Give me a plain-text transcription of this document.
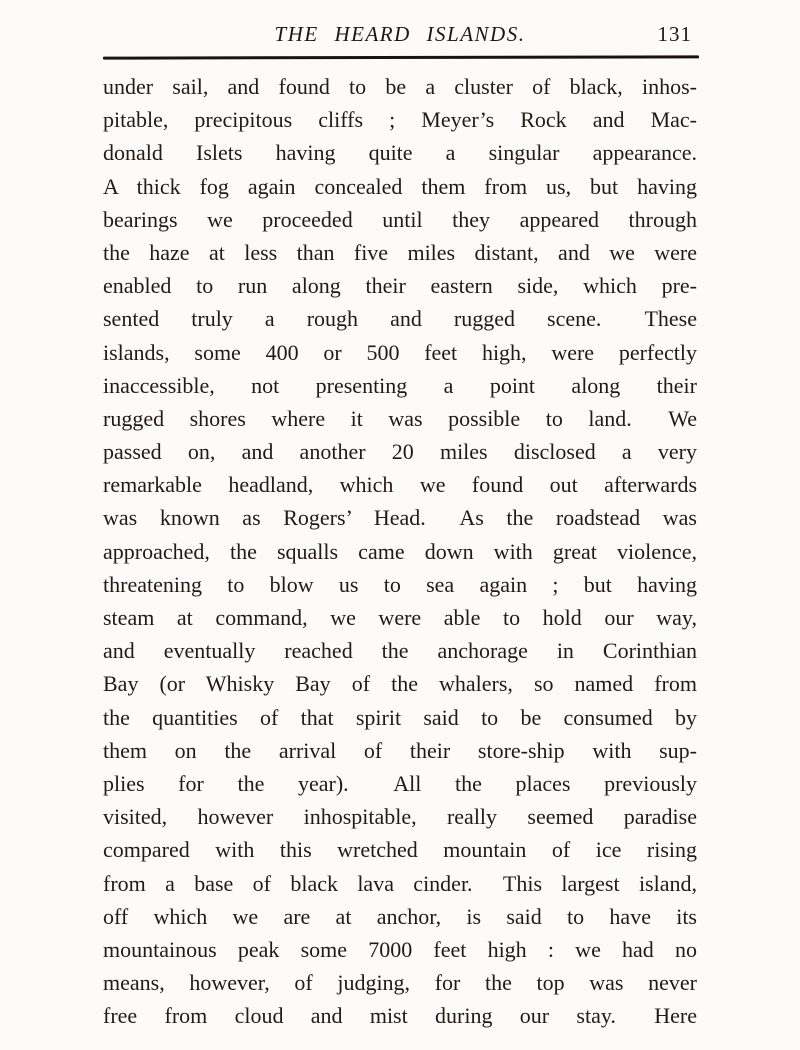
THE HEARD ISLANDS.	131
under sail, and found to be a cluster of black, inhos-
pitable, precipitous cliffs ; Meyer’s Rock and Mac-
donald Islets having quite a singular appearance.
A thick fog again concealed them from us, but having
bearings we proceeded until they appeared through
the haze at less than five miles distant, and we were
enabled to run along their eastern side, which pre-
sented truly a rough and rugged scene.  These
islands, some 400 or 500 feet high, were perfectly
inaccessible, not presenting a point along their
rugged shores where it was possible to land.  We
passed on, and another 20 miles disclosed a very
remarkable headland, which we found out afterwards
was known as Rogers’ Head.  As the roadstead was
approached, the squalls came down with great violence,
threatening to blow us to sea again ; but having
steam at command, we were able to hold our way,
and eventually reached the anchorage in Corinthian
Bay (or Whisky Bay of the whalers, so named from
the quantities of that spirit said to be consumed by
them on the arrival of their store-ship with sup-
plies for the year).  All the places previously
visited, however inhospitable, really seemed paradise
compared with this wretched mountain of ice rising
from a base of black lava cinder.  This largest island,
off which we are at anchor, is said to have its
mountainous peak some 7000 feet high : we had no
means, however, of judging, for the top was never
free from cloud and mist during our stay.  Here
